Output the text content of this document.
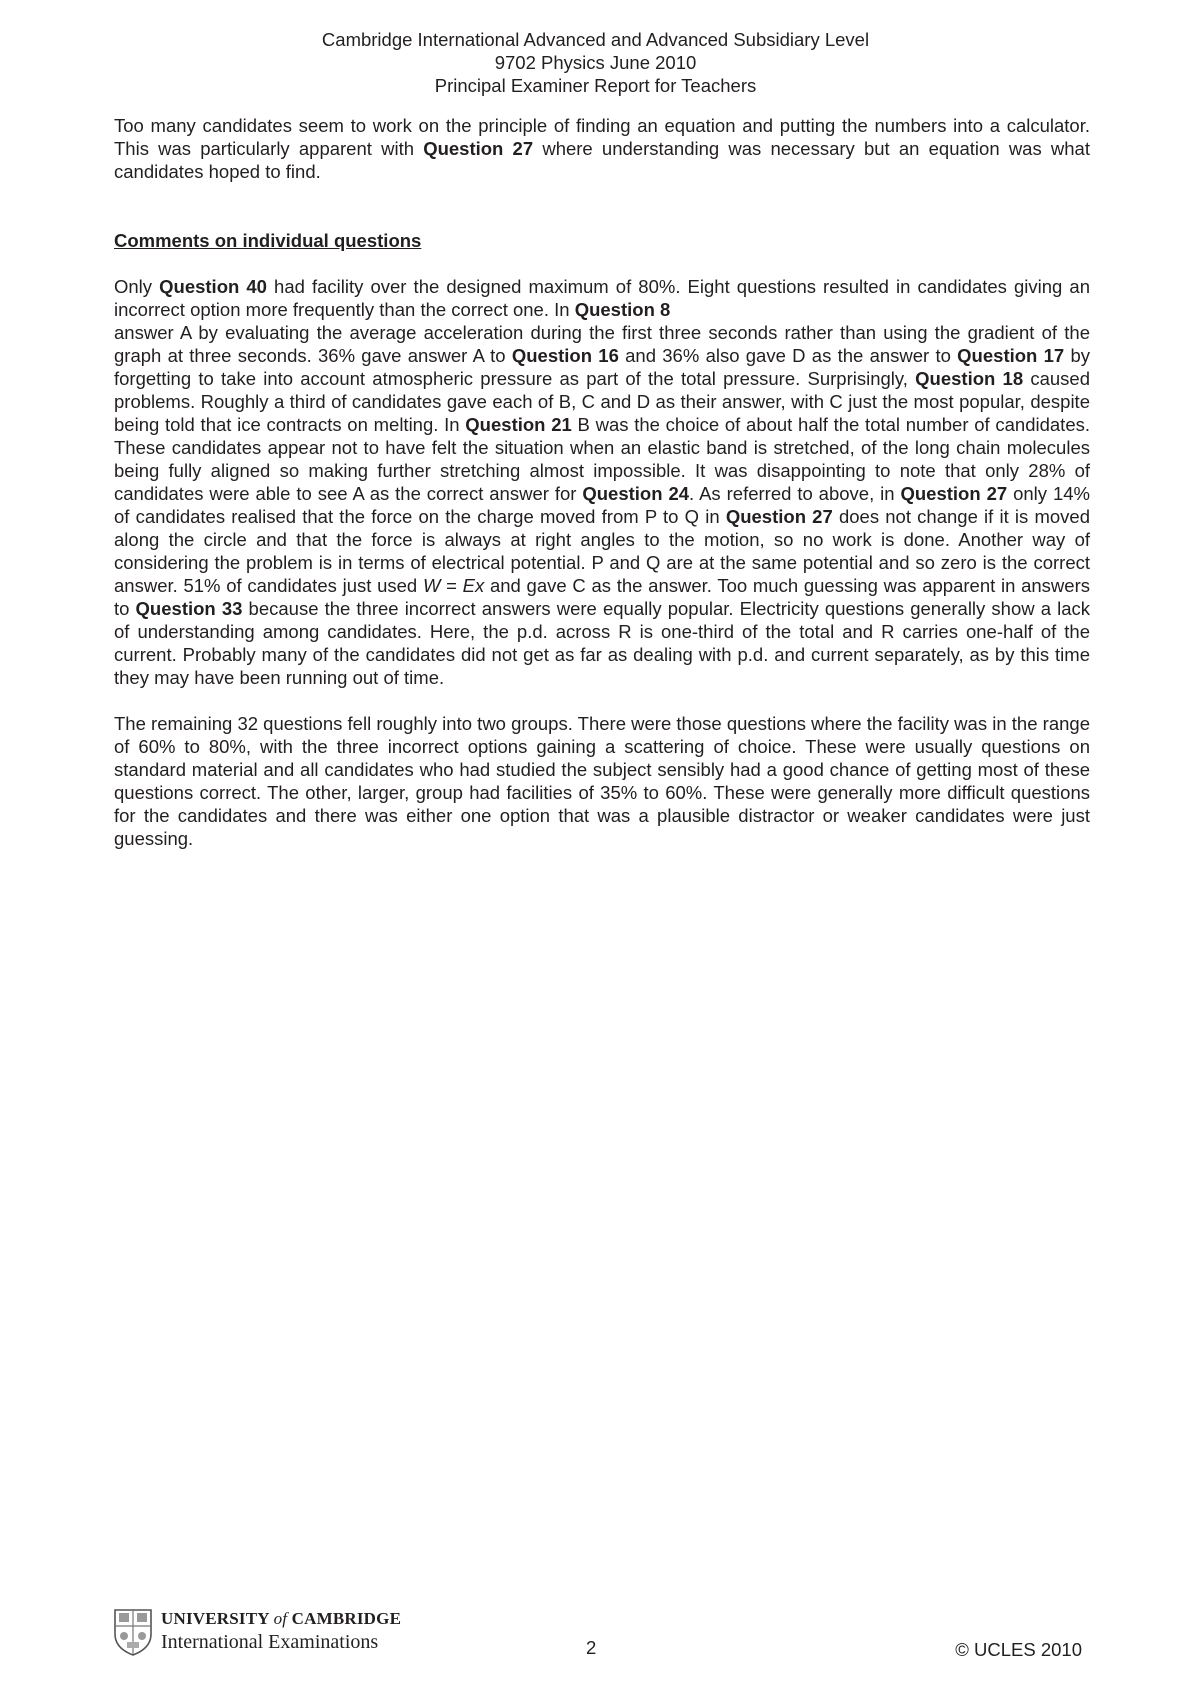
Cambridge International Advanced and Advanced Subsidiary Level
9702 Physics June 2010
Principal Examiner Report for Teachers

Too many candidates seem to work on the principle of finding an equation and putting the numbers into a calculator. This was particularly apparent with Question 27 where understanding was necessary but an equation was what candidates hoped to find.

Comments on individual questions

Only Question 40 had facility over the designed maximum of 80%. Eight questions resulted in candidates giving an incorrect option more frequently than the correct one. In Question 8
answer A by evaluating the average acceleration during the first three seconds rather than using the gradient of the graph at three seconds. 36% gave answer A to Question 16 and 36% also gave D as the answer to Question 17 by forgetting to take into account atmospheric pressure as part of the total pressure. Surprisingly, Question 18 caused problems. Roughly a third of candidates gave each of B, C and D as their answer, with C just the most popular, despite being told that ice contracts on melting. In Question 21 B was the choice of about half the total number of candidates. These candidates appear not to have felt the situation when an elastic band is stretched, of the long chain molecules being fully aligned so making further stretching almost impossible. It was disappointing to note that only 28% of candidates were able to see A as the correct answer for Question 24. As referred to above, in Question 27 only 14% of candidates realised that the force on the charge moved from P to Q in Question 27 does not change if it is moved along the circle and that the force is always at right angles to the motion, so no work is done. Another way of considering the problem is in terms of electrical potential. P and Q are at the same potential and so zero is the correct answer. 51% of candidates just used W = Ex and gave C as the answer. Too much guessing was apparent in answers to Question 33 because the three incorrect answers were equally popular. Electricity questions generally show a lack of understanding among candidates. Here, the p.d. across R is one-third of the total and R carries one-half of the current. Probably many of the candidates did not get as far as dealing with p.d. and current separately, as by this time they may have been running out of time.

The remaining 32 questions fell roughly into two groups. There were those questions where the facility was in the range of 60% to 80%, with the three incorrect options gaining a scattering of choice. These were usually questions on standard material and all candidates who had studied the subject sensibly had a good chance of getting most of these questions correct. The other, larger, group had facilities of 35% to 60%. These were generally more difficult questions for the candidates and there was either one option that was a plausible distractor or weaker candidates were just guessing.

UNIVERSITY of CAMBRIDGE
International Examinations	2	© UCLES 2010
